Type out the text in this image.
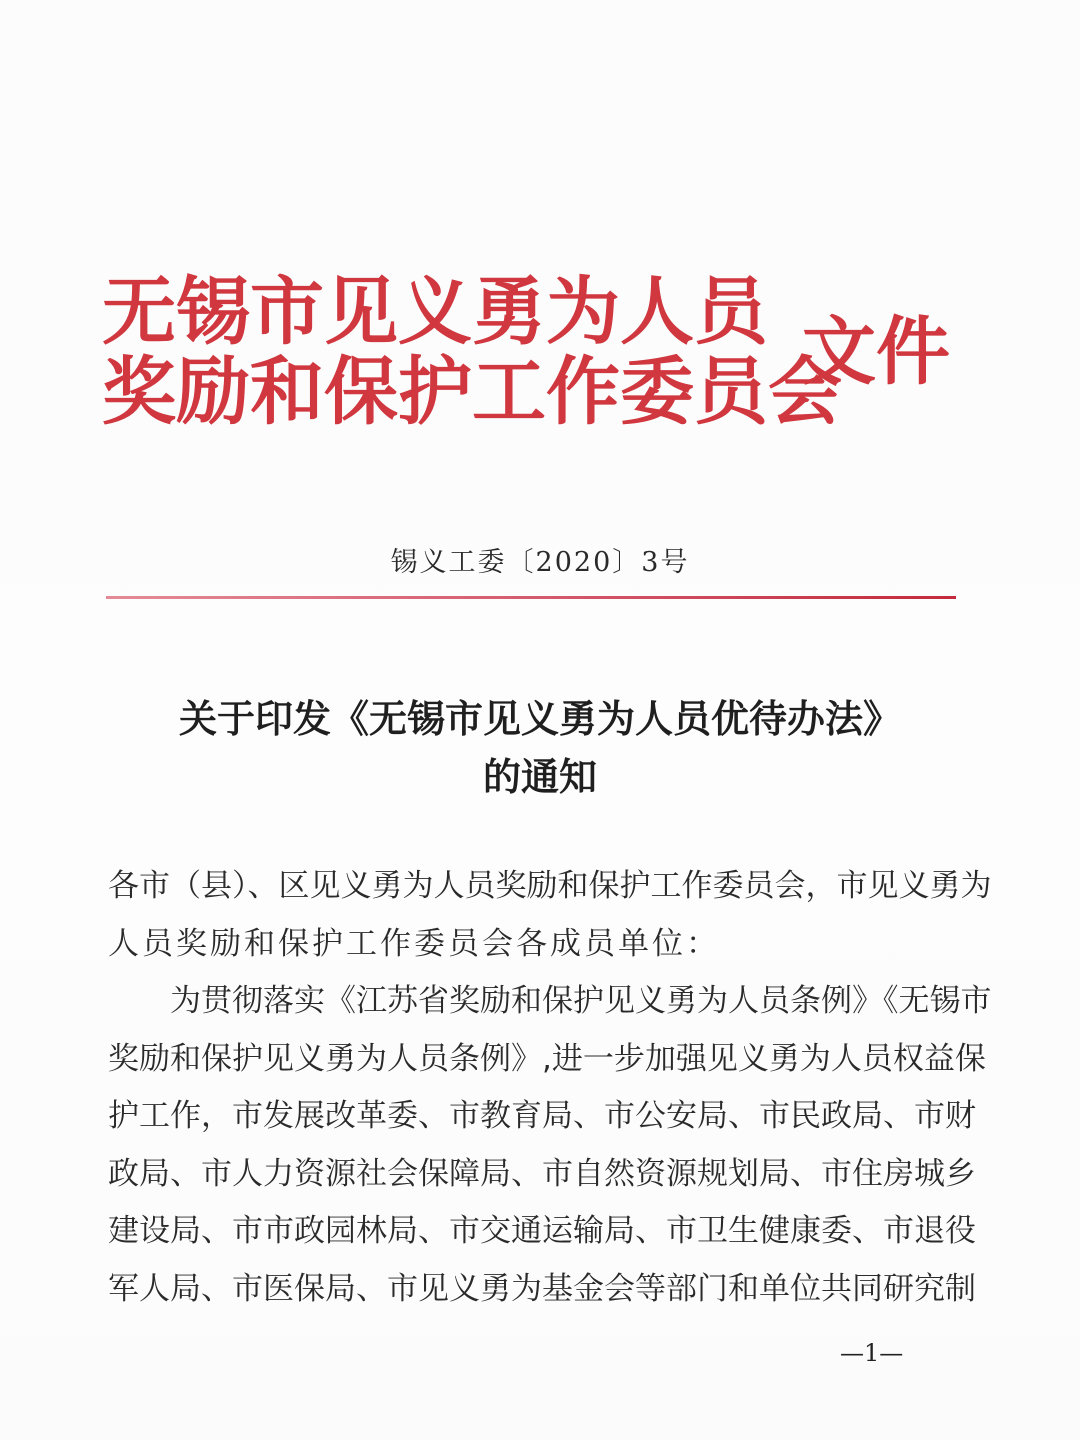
无锡市见义勇为人员
奖励和保护工作委员会
文件
锡义工委〔2020〕3号
关于印发《无锡市见义勇为人员优待办法》
的通知
各市（县）、区见义勇为人员奖励和保护工作委员会，市见义勇为
人员奖励和保护工作委员会各成员单位：
为贯彻落实《江苏省奖励和保护见义勇为人员条例》《无锡市
奖励和保护见义勇为人员条例》,进一步加强见义勇为人员权益保
护工作，市发展改革委、市教育局、市公安局、市民政局、市财
政局、市人力资源社会保障局、市自然资源规划局、市住房城乡
建设局、市市政园林局、市交通运输局、市卫生健康委、市退役
军人局、市医保局、市见义勇为基金会等部门和单位共同研究制
—1—
